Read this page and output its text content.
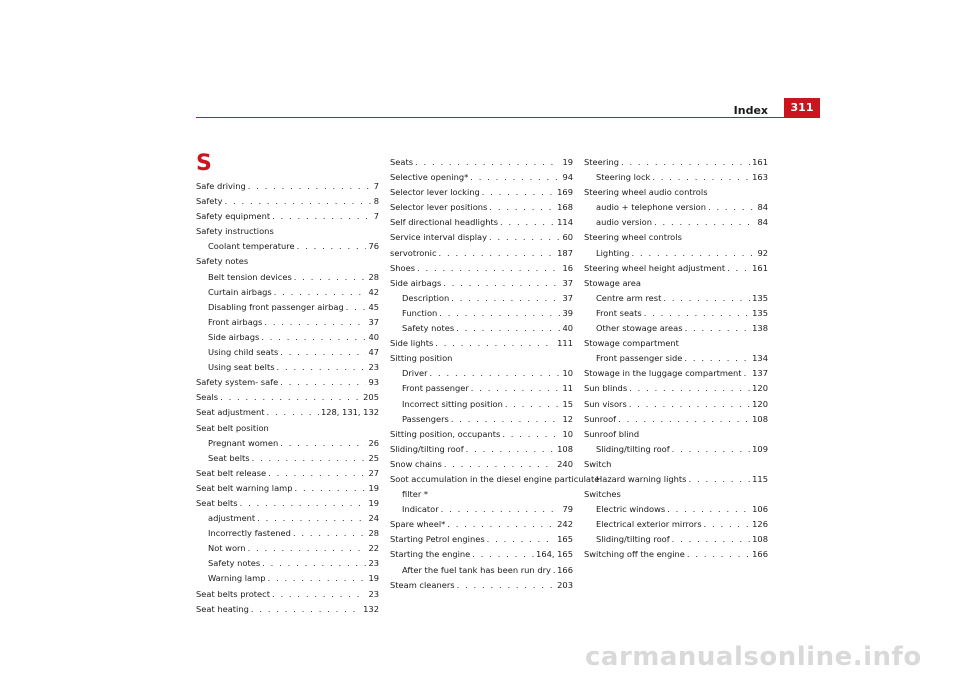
Index	311
S
Safe driving . . .	7
Safety . . .	8
Safety equipment . . .	7
Safety instructions
Coolant temperature . . .	76
Safety notes
Belt tension devices . . .	28
Curtain airbags . . .	42
Disabling front passenger airbag . . .	45
Front airbags . . .	37
Side airbags . . .	40
Using child seats . . .	47
Using seat belts . . .	23
Safety system- safe . . .	93
Seals . . .	205
Seat adjustment . . .	128, 131, 132
Seat belt position
Pregnant women . . .	26
Seat belts . . .	25
Seat belt release . . .	27
Seat belt warning lamp . . .	19
Seat belts . . .	19
adjustment . . .	24
Incorrectly fastened . . .	28
Not worn . . .	22
Safety notes . . .	23
Warning lamp . . .	19
Seat belts protect . . .	23
Seat heating . . .	132
Seats . . .	19
Selective opening* . . .	94
Selector lever locking . . .	169
Selector lever positions . . .	168
Self directional headlights . . .	114
Service interval display . . .	60
servotronic . . .	187
Shoes . . .	16
Side airbags . . .	37
Description . . .	37
Function . . .	39
Safety notes . . .	40
Side lights . . .	111
Sitting position
Driver . . .	10
Front passenger . . .	11
Incorrect sitting position . . .	15
Passengers . . .	12
Sitting position, occupants . . .	10
Sliding/tilting roof . . .	108
Snow chains . . .	240
Soot accumulation in the diesel engine particulate
filter *
Indicator . . .	79
Spare wheel* . . .	242
Starting Petrol engines . . .	165
Starting the engine . . .	164, 165
After the fuel tank has been run dry . . . 166
Steam cleaners . . .	203
Steering . . .	161
Steering lock . . .	163
Steering wheel audio controls
audio + telephone version . . .	84
audio version . . .	84
Steering wheel controls
Lighting . . .	92
Steering wheel height adjustment . . .	161
Stowage area
Centre arm rest . . .	135
Front seats . . .	135
Other stowage areas . . .	138
Stowage compartment
Front passenger side . . .	134
Stowage in the luggage compartment . . . 137
Sun blinds . . .	120
Sun visors . . .	120
Sunroof . . .	108
Sunroof blind
Sliding/tilting roof . . .	109
Switch
Hazard warning lights . . .	115
Switches
Electric windows . . .	106
Electrical exterior mirrors . . .	126
Sliding/tilting roof . . .	108
Switching off the engine . . .	166
carmanualsonline.info
